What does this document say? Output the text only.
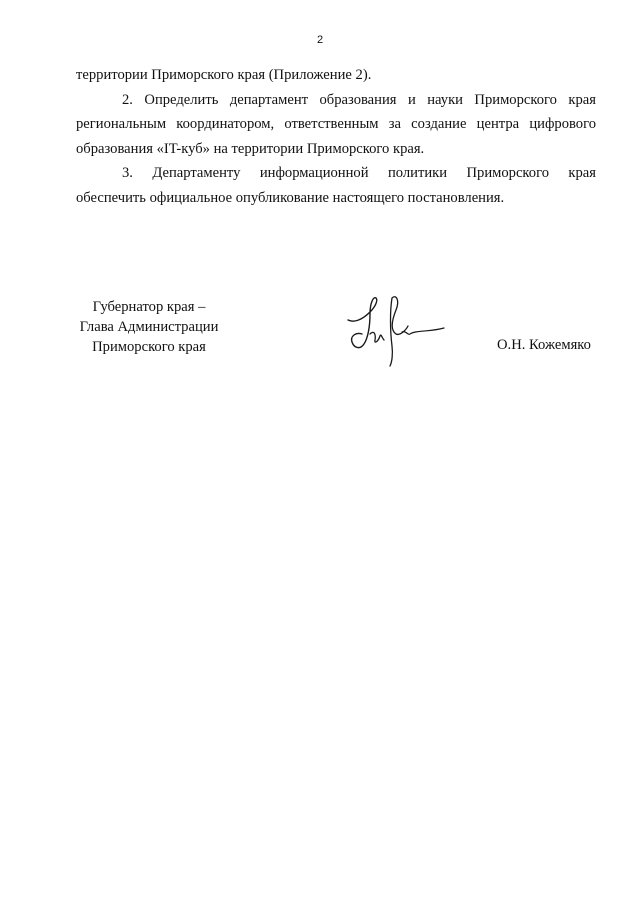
2
территории Приморского края (Приложение 2).
2. Определить департамент образования и науки Приморского края
региональным координатором, ответственным за создание центра цифрового
образования «IT-куб» на территории Приморского края.
3. Департаменту информационной политики Приморского края
обеспечить официальное опубликование настоящего постановления.
Губернатор края –
Глава Администрации
Приморского края	О.Н. Кожемяко
